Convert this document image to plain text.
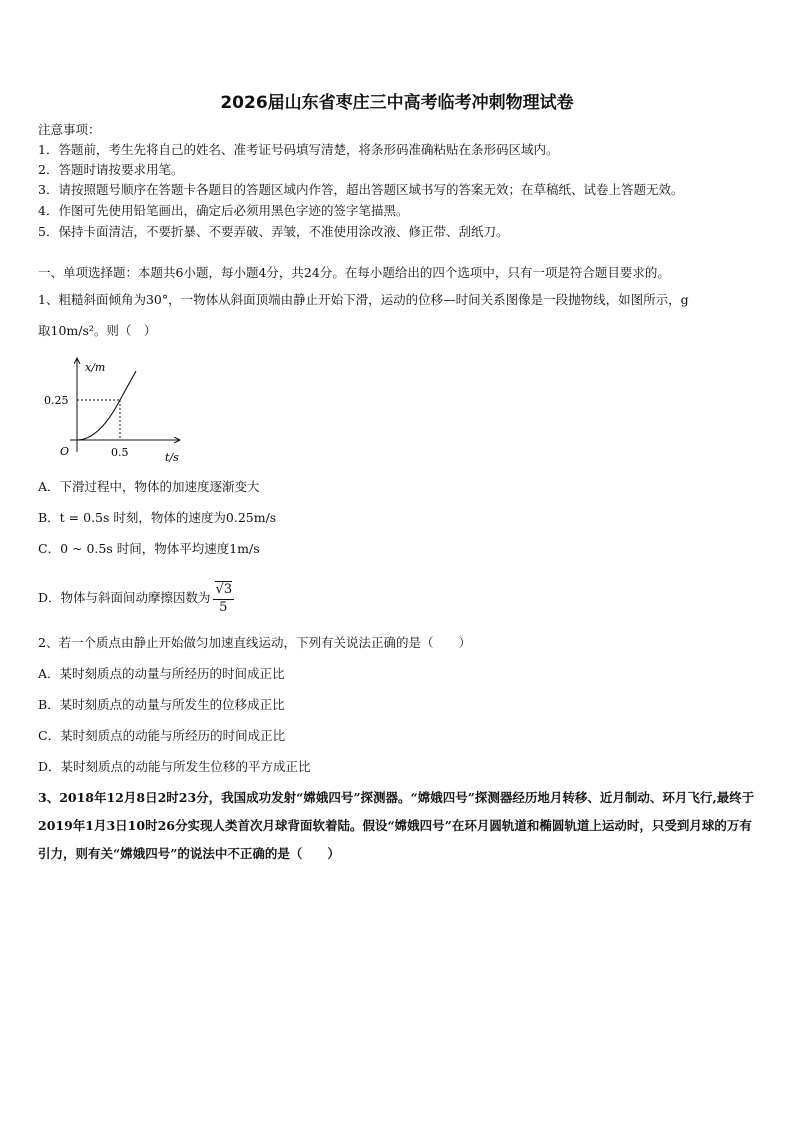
2026届山东省枣庄三中高考临考冲刺物理试卷
注意事项：
1．答题前，考生先将自己的姓名、准考证号码填写清楚，将条形码准确粘贴在条形码区域内。
2．答题时请按要求用笔。
3．请按照题号顺序在答题卡各题目的答题区域内作答，超出答题区域书写的答案无效；在草稿纸、试卷上答题无效。
4．作图可先使用铅笔画出，确定后必须用黑色字迹的签字笔描黑。
5．保持卡面清洁，不要折暴、不要弄破、弄皱，不准使用涂改液、修正带、刮纸刀。
一、单项选择题：本题共6小题，每小题4分，共24分。在每小题给出的四个选项中，只有一项是符合题目要求的。
1、粗糙斜面倾角为30°，一物体从斜面顶端由静止开始下滑，运动的位移—时间关系图像是一段抛物线，如图所示，g
取10m/s²。则（　）
x/m
0.25
0.5
O	t/s
A．下滑过程中，物体的加速度逐渐变大
B．t = 0.5s 时刻，物体的速度为0.25m/s
C．0 ~ 0.5s 时间，物体平均速度1m/s
D．物体与斜面间动摩擦因数为 $\frac{√3}{5}$
2、若一个质点由静止开始做匀加速直线运动，下列有关说法正确的是（　　）
A．某时刻质点的动量与所经历的时间成正比
B．某时刻质点的动量与所发生的位移成正比
C．某时刻质点的动能与所经历的时间成正比
D．某时刻质点的动能与所发生位移的平方成正比
3、2018年12月8日2时23分，我国成功发射“嫦娥四号”探测器。“嫦娥四号”探测器经历地月转移、近月制动、环月飞行,最终于2019年1月3日10时26分实现人类首次月球背面软着陆。假设“嫦娥四号”在环月圆轨道和椭圆轨道上运动时，只受到月球的万有引力，则有关“嫦娥四号”的说法中不正确的是（　　）
